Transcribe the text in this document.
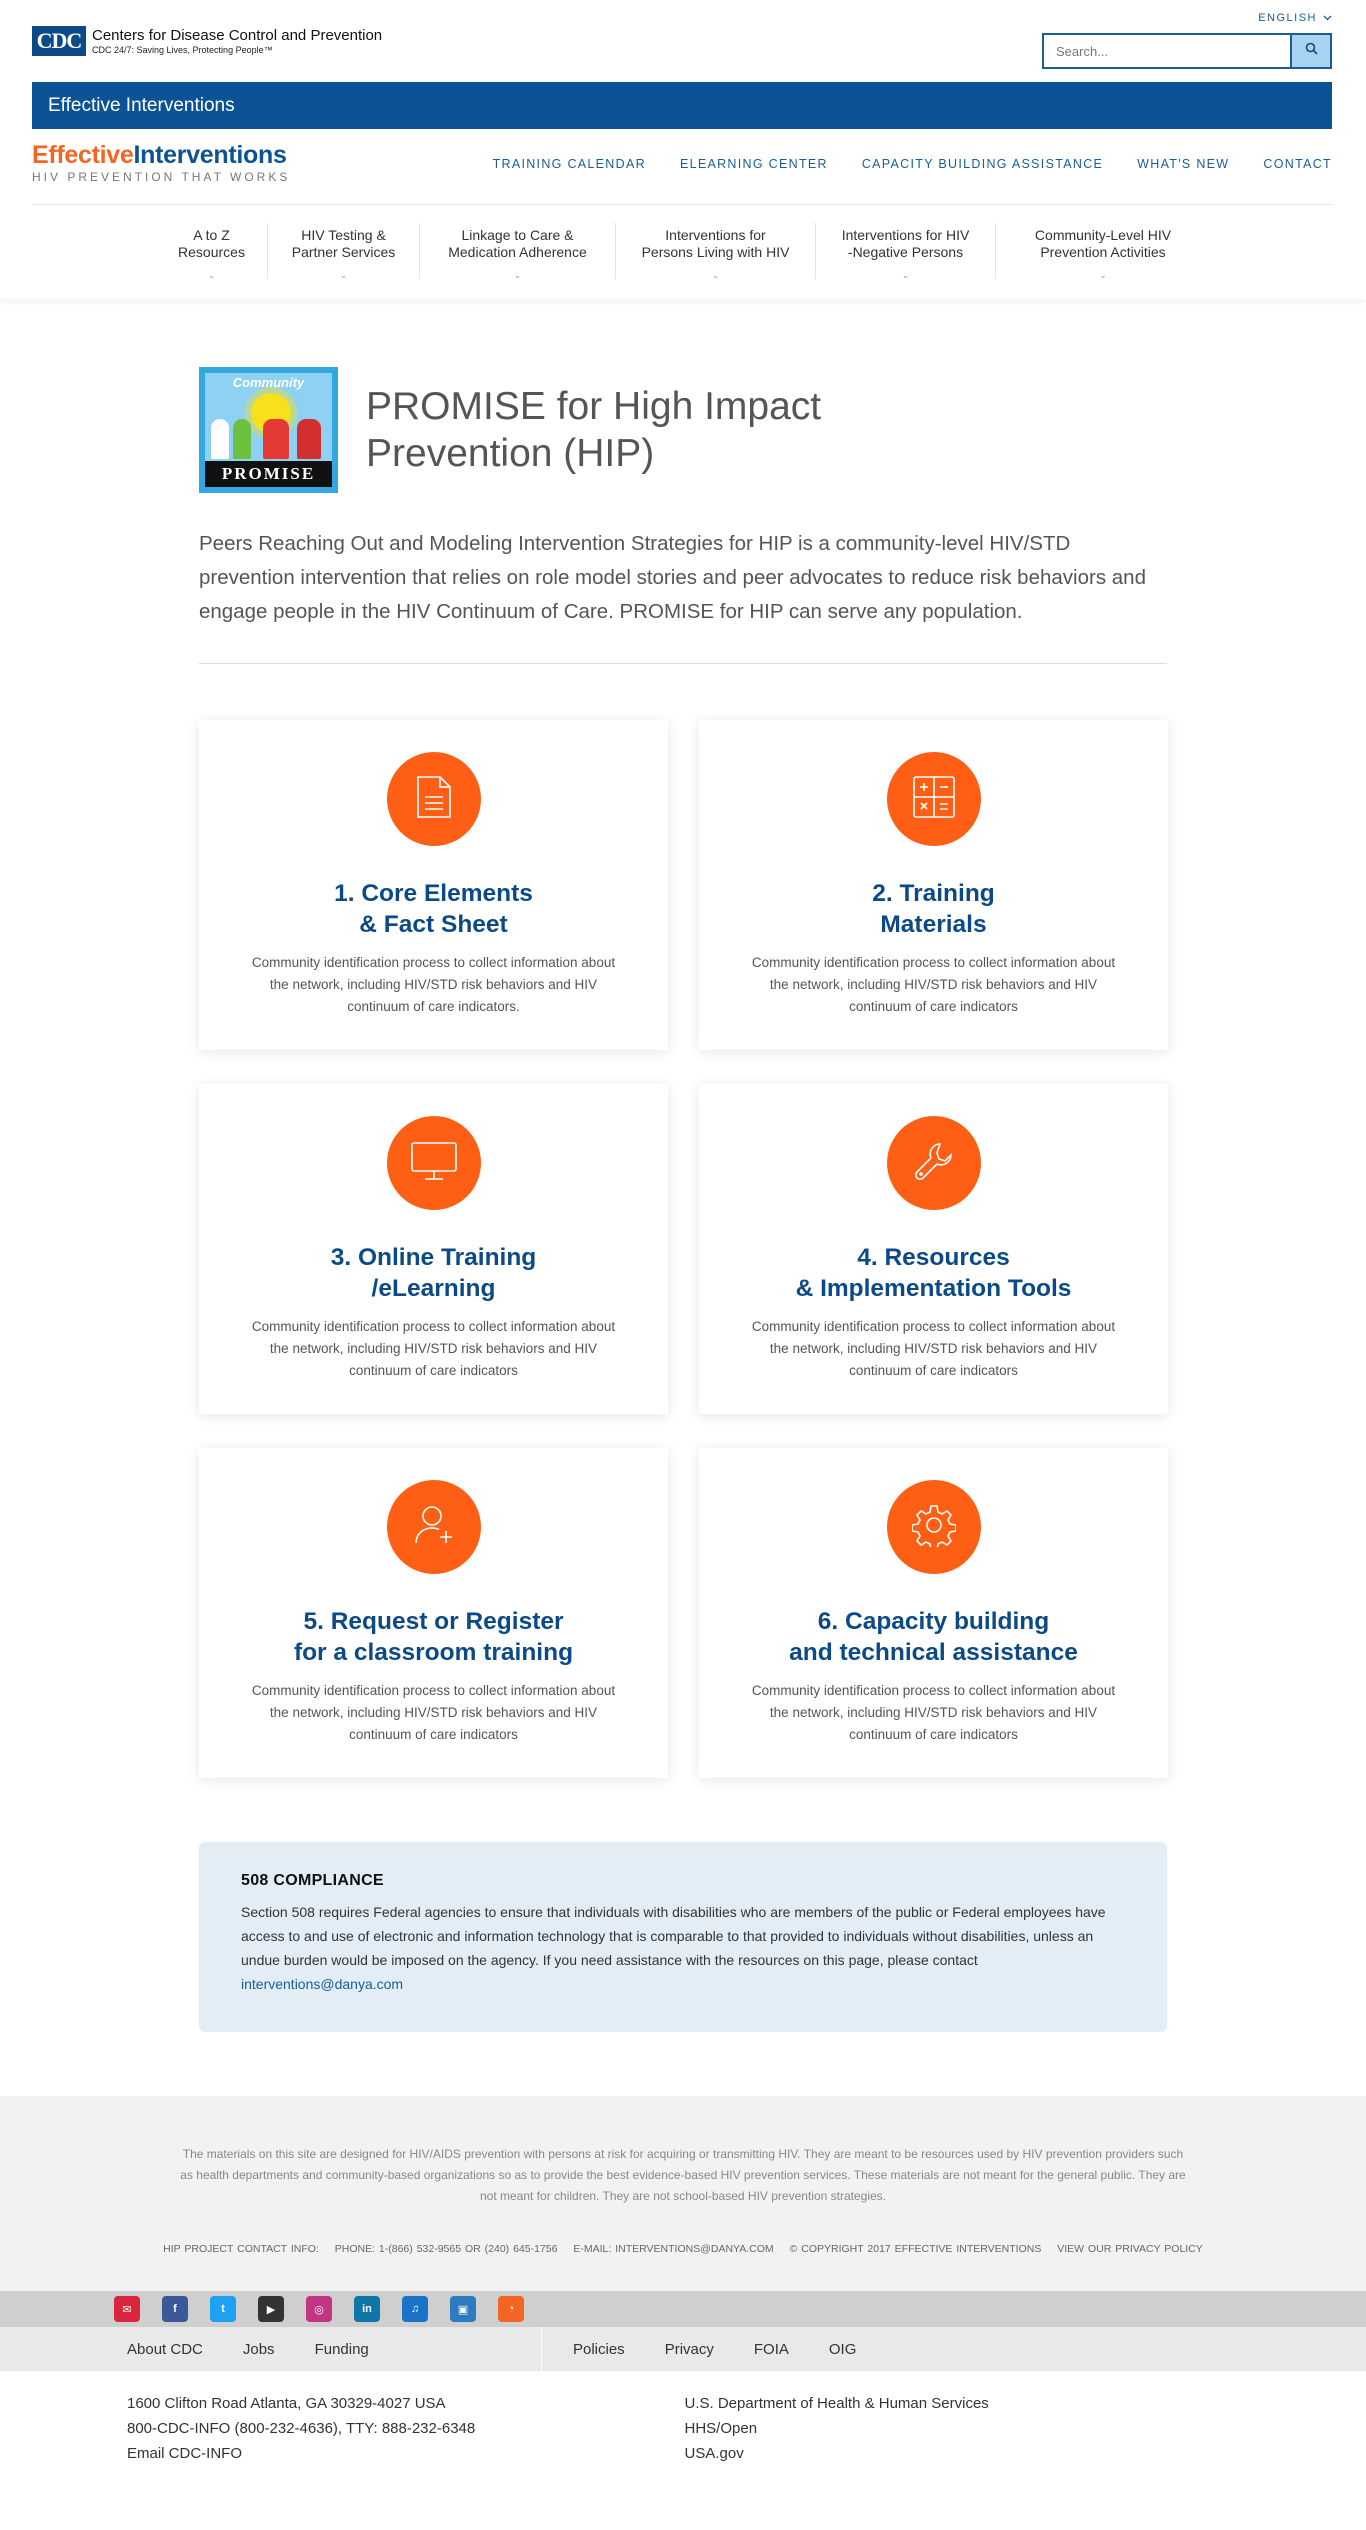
CDC Centers for Disease Control and Prevention
CDC 24/7: Saving Lives, Protecting People™
ENGLISH
Search...
Effective Interventions
EffectiveInterventions
HIV PREVENTION THAT WORKS
TRAINING CALENDAR	ELEARNING CENTER	CAPACITY BUILDING ASSISTANCE	WHAT'S NEW	CONTACT
A to Z
Resources
⌄
HIV Testing &
Partner Services
⌄
Linkage to Care &
Medication Adherence
⌄
Interventions for
Persons Living with HIV
⌄
Interventions for HIV
-Negative Persons
⌄
Community-Level HIV
Prevention Activities
⌄
Community
PROMISE
PROMISE for High Impact Prevention (HIP)

Peers Reaching Out and Modeling Intervention Strategies for HIP is a community-level HIV/STD prevention intervention that relies on role model stories and peer advocates to reduce risk behaviors and engage people in the HIV Continuum of Care. PROMISE for HIP can serve any population.

1. Core Elements
& Fact Sheet
Community identification process to collect information about the network, including HIV/STD risk behaviors and HIV continuum of care indicators.
2. Training
Materials
Community identification process to collect information about the network, including HIV/STD risk behaviors and HIV continuum of care indicators
3. Online Training
/eLearning
Community identification process to collect information about the network, including HIV/STD risk behaviors and HIV continuum of care indicators
4. Resources
& Implementation Tools
Community identification process to collect information about the network, including HIV/STD risk behaviors and HIV continuum of care indicators
5. Request or Register
for a classroom training
Community identification process to collect information about the network, including HIV/STD risk behaviors and HIV continuum of care indicators
6. Capacity building
and technical assistance
Community identification process to collect information about the network, including HIV/STD risk behaviors and HIV continuum of care indicators
508 COMPLIANCE

Section 508 requires Federal agencies to ensure that individuals with disabilities who are members of the public or Federal employees have access to and use of electronic and information technology that is comparable to that provided to individuals without disabilities, unless an undue burden would be imposed on the agency. If you need assistance with the resources on this page, please contact interventions@danya.com

The materials on this site are designed for HIV/AIDS prevention with persons at risk for acquiring or transmitting HIV. They are meant to be resources used by HIV prevention providers such as health departments and community-based organizations so as to provide the best evidence-based HIV prevention services. These materials are not meant for the general public. They are not meant for children. They are not school-based HIV prevention strategies.

HIP PROJECT CONTACT INFO: PHONE: 1-(866) 532-9565 OR (240) 645-1756 E-MAIL: INTERVENTIONS@DANYA.COM © COPYRIGHT 2017 EFFECTIVE INTERVENTIONS VIEW OUR PRIVACY POLICY
✉	f	t	▶	◎	in	♫	▣	◔
About CDC	Jobs	Funding	Policies	Privacy	FOIA	OIG
1600 Clifton Road Atlanta, GA 30329-4027 USA
800-CDC-INFO (800-232-4636), TTY: 888-232-6348
Email CDC-INFO
U.S. Department of Health & Human Services
HHS/Open
USA.gov
